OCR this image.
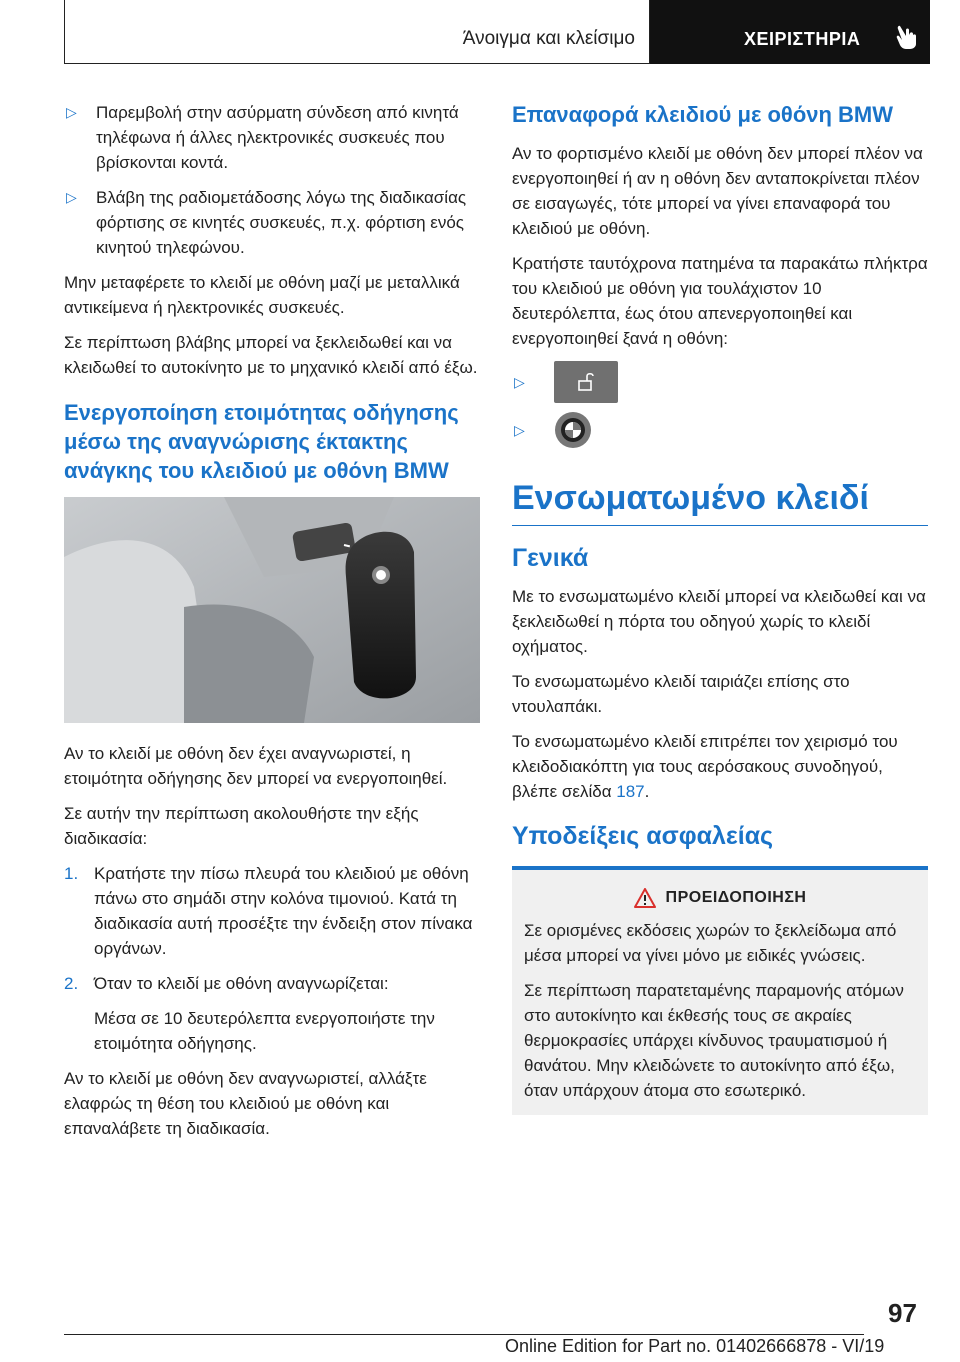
Άνοιγμα και κλείσιμο	ΧΕΙΡΙΣΤΗΡΙΑ
▷	Παρεμβολή στην ασύρματη σύνδεση από κινητά τηλέφωνα ή άλλες ηλεκτρονικές συσκευές που βρίσκονται κοντά.
▷	Βλάβη της ραδιομετάδοσης λόγω της διαδικασίας φόρτισης σε κινητές συσκευές, π.χ. φόρτιση ενός κινητού τηλεφώνου.

Μην μεταφέρετε το κλειδί με οθόνη μαζί με μεταλλικά αντικείμενα ή ηλεκτρονικές συσκευές.

Σε περίπτωση βλάβης μπορεί να ξεκλειδωθεί και να κλειδωθεί το αυτοκίνητο με το μηχανικό κλειδί από έξω.

Ενεργοποίηση ετοιμότητας οδήγησης μέσω της αναγνώρισης έκτακτης ανάγκης του κλειδιού με οθόνη BMW

Αν το κλειδί με οθόνη δεν έχει αναγνωριστεί, η ετοιμότητα οδήγησης δεν μπορεί να ενεργοποιηθεί.

Σε αυτήν την περίπτωση ακολουθήστε την εξής διαδικασία:

1. Κρατήστε την πίσω πλευρά του κλειδιού με οθόνη πάνω στο σημάδι στην κολόνα τιμονιού. Κατά τη διαδικασία αυτή προσέξτε την ένδειξη στον πίνακα οργάνων.
2. Όταν το κλειδί με οθόνη αναγνωρίζεται:

Μέσα σε 10 δευτερόλεπτα ενεργοποιήστε την ετοιμότητα οδήγησης.

Αν το κλειδί με οθόνη δεν αναγνωριστεί, αλλάξτε ελαφρώς τη θέση του κλειδιού με οθόνη και επαναλάβετε τη διαδικασία.

Επαναφορά κλειδιού με οθόνη BMW

Αν το φορτισμένο κλειδί με οθόνη δεν μπορεί πλέον να ενεργοποιηθεί ή αν η οθόνη δεν ανταποκρίνεται πλέον σε εισαγωγές, τότε μπορεί να γίνει επαναφορά του κλειδιού με οθόνη.

Κρατήστε ταυτόχρονα πατημένα τα παρακάτω πλήκτρα του κλειδιού με οθόνη για τουλάχιστον 10 δευτερόλεπτα, έως ότου απενεργοποιηθεί και ενεργοποιηθεί ξανά η οθόνη:

▷
▷
Ενσωματωμένο κλειδί
Γενικά

Με το ενσωματωμένο κλειδί μπορεί να κλειδωθεί και να ξεκλειδωθεί η πόρτα του οδηγού χωρίς το κλειδί οχήματος.

Το ενσωματωμένο κλειδί ταιριάζει επίσης στο ντουλαπάκι.

Το ενσωματωμένο κλειδί επιτρέπει τον χειρισμό του κλειδοδιακόπτη για τους αερόσακους συνοδηγού, βλέπε σελίδα 187.

Υποδείξεις ασφαλείας
ΠΡΟΕΙΔΟΠΟΙΗΣΗ

Σε ορισμένες εκδόσεις χωρών το ξεκλείδωμα από μέσα μπορεί να γίνει μόνο με ειδικές γνώσεις.

Σε περίπτωση παρατεταμένης παραμονής ατόμων στο αυτοκίνητο και έκθεσής τους σε ακραίες θερμοκρασίες υπάρχει κίνδυνος τραυματισμού ή θανάτου. Μην κλειδώνετε το αυτοκίνητο από έξω, όταν υπάρχουν άτομα στο εσωτερικό.

97
Online Edition for Part no. 01402666878 - VI/19
